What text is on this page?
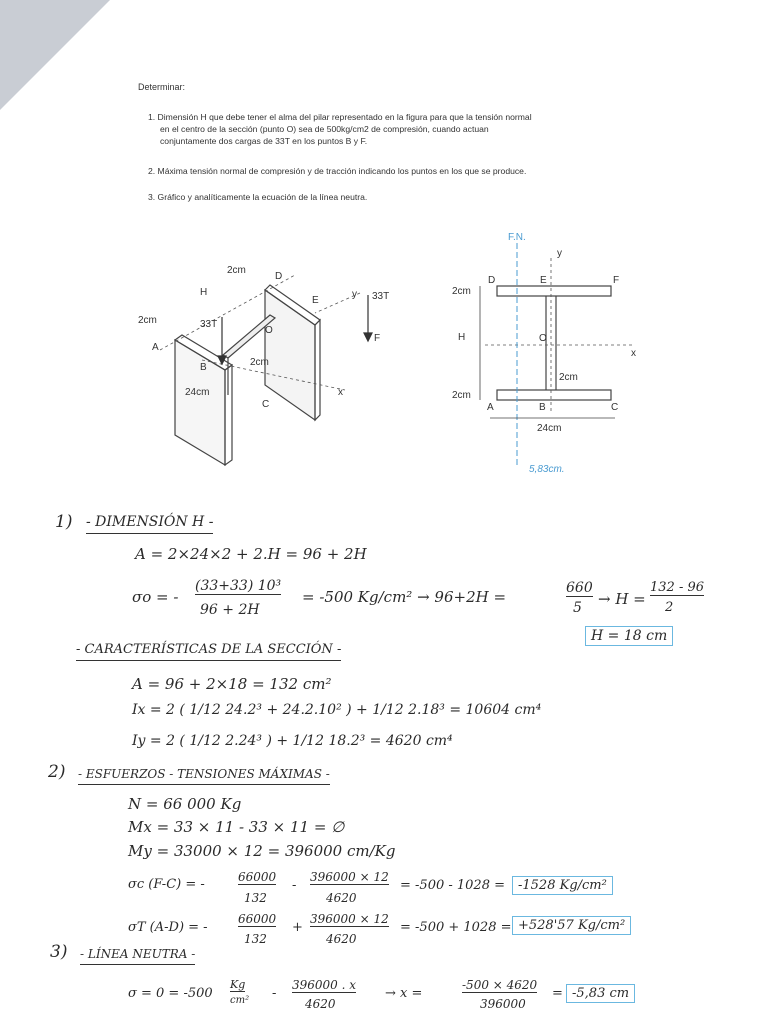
Determinar:
1. Dimensión H que debe tener el alma del pilar representado en la figura para que la tensión normal
en el centro de la sección (punto O) sea de 500kg/cm2 de compresión, cuando actuan
conjuntamente dos cargas de 33T en los puntos B y F.
2. Máxima tensión normal de compresión y de tracción indicando los puntos en los que se produce.
3. Gráfico y analíticamente la ecuación de la línea neutra.
2cm
D
H
E
y 33T
2cm	33T
O
F
A
B	2cm
24cm
C
x
F.N.
y
2cm
D	E	F
H	O
x
2cm
2cm
A	B	C
24cm
5,83cm.
1) - DIMENSIÓN H -
A = 2×24×2 + 2.H = 96 + 2H
σo = -
(33+33) 10³
96 + 2H
= -500 Kg/cm² → 96+2H =	660
5 → H =
132 - 96
2
H = 18 cm
- CARACTERÍSTICAS DE LA SECCIÓN -
A = 96 + 2×18 = 132 cm²
Ix = 2 ( 1/12 24.2³ + 24.2.10² ) + 1/12 2.18³ = 10604 cm⁴
Iy = 2 ( 1/12 2.24³ ) + 1/12 18.2³ = 4620 cm⁴
2) - ESFUERZOS - TENSIONES MÁXIMAS -
N = 66 000 Kg
Mx = 33 × 11 - 33 × 11 = ∅
My = 33000 × 12 = 396000 cm/Kg
σc (F-C) = -	66000
132
-
396000 × 12
4620
= -500 - 1028 =	-1528 Kg/cm²
σT (A-D) = -
66000
132
+
396000 × 12
4620
= -500 + 1028 = +528'57 Kg/cm²
3) - LÍNEA NEUTRA -
σ = 0 = -500
Kg
cm² -
396000 . x
4620
→ x =
-500 × 4620
396000
= -5,83 cm
